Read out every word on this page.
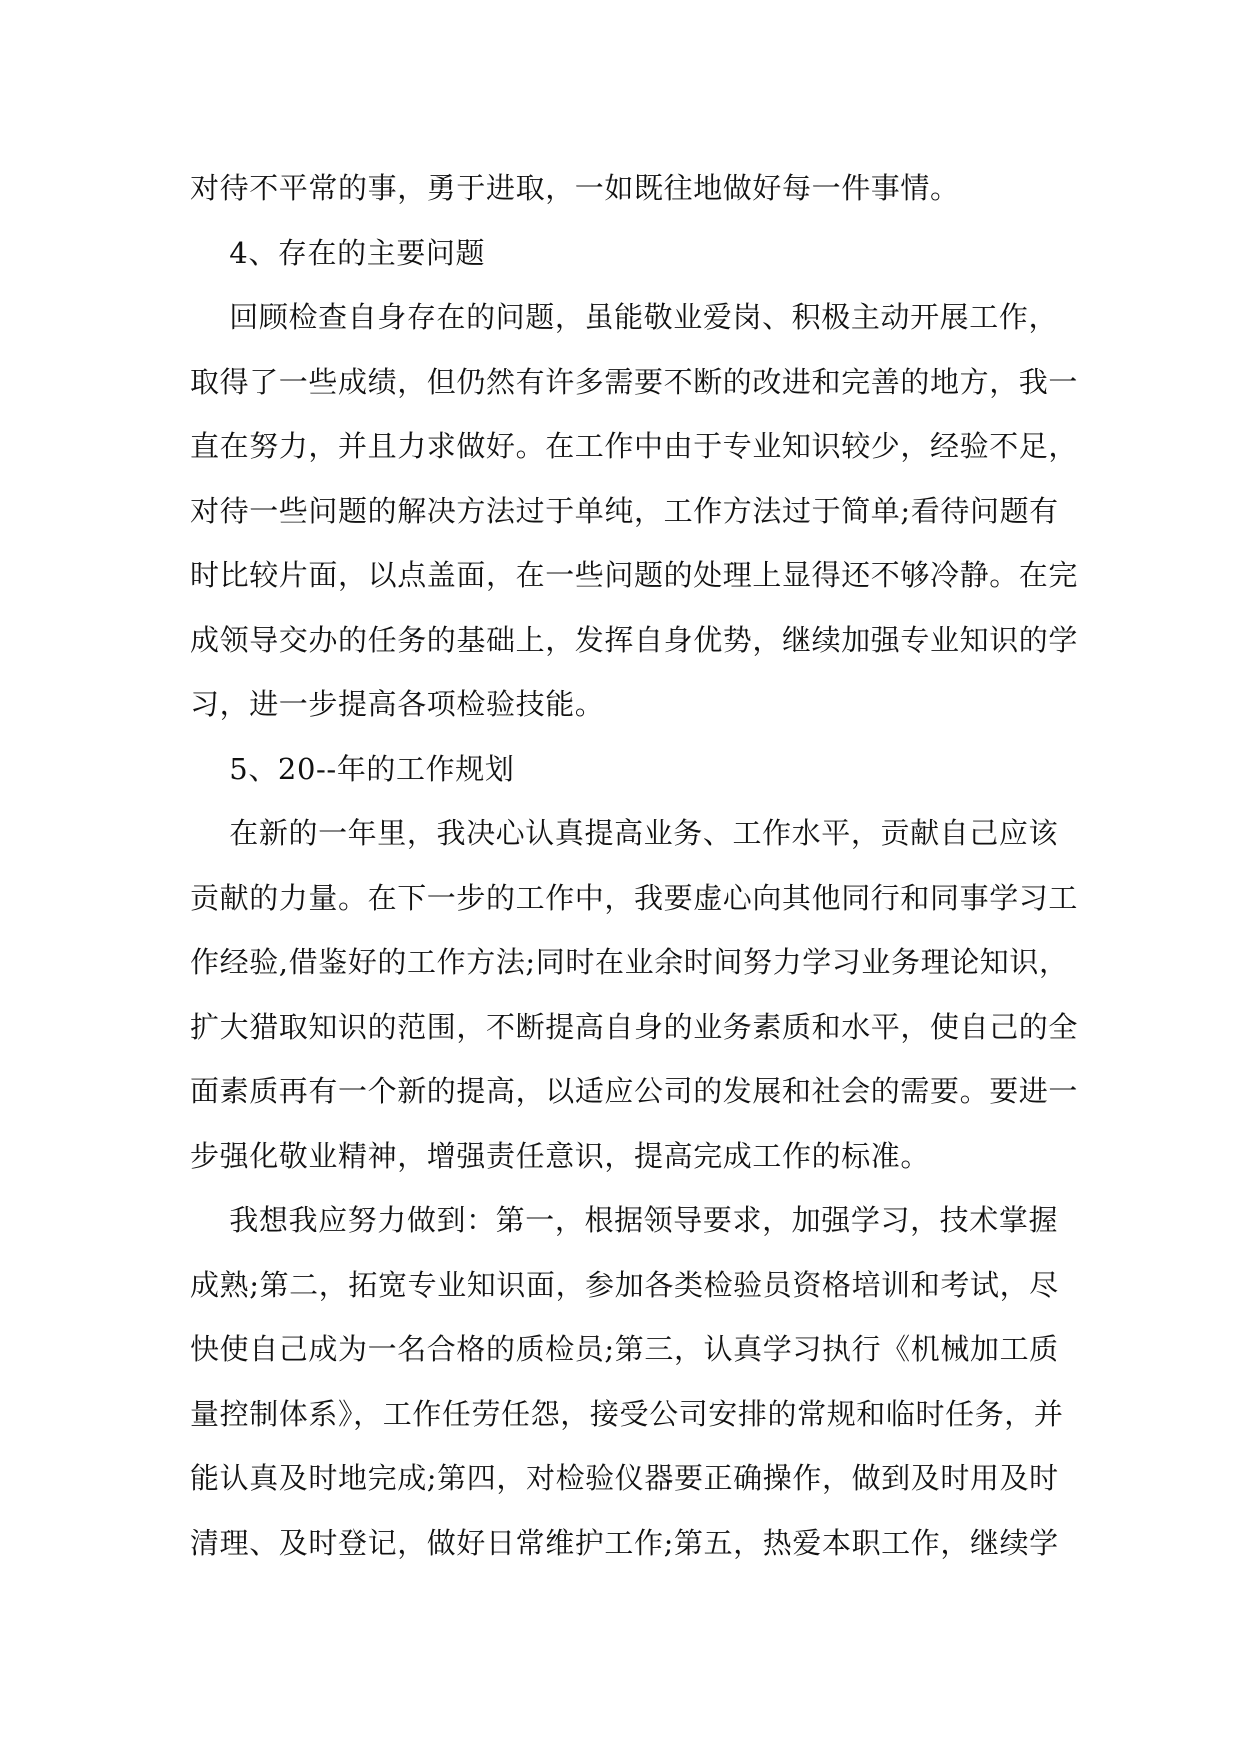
对待不平常的事，勇于进取，一如既往地做好每一件事情。
4、存在的主要问题
回顾检查自身存在的问题，虽能敬业爱岗、积极主动开展工作，
取得了一些成绩，但仍然有许多需要不断的改进和完善的地方，我一
直在努力，并且力求做好。在工作中由于专业知识较少，经验不足，
对待一些问题的解决方法过于单纯，工作方法过于简单;看待问题有
时比较片面，以点盖面，在一些问题的处理上显得还不够冷静。在完
成领导交办的任务的基础上，发挥自身优势，继续加强专业知识的学
习，进一步提高各项检验技能。
5、20--年的工作规划
在新的一年里，我决心认真提高业务、工作水平，贡献自己应该
贡献的力量。在下一步的工作中，我要虚心向其他同行和同事学习工
作经验,借鉴好的工作方法;同时在业余时间努力学习业务理论知识，
扩大猎取知识的范围，不断提高自身的业务素质和水平，使自己的全
面素质再有一个新的提高，以适应公司的发展和社会的需要。要进一
步强化敬业精神，增强责任意识，提高完成工作的标准。
我想我应努力做到：第一，根据领导要求，加强学习，技术掌握
成熟;第二，拓宽专业知识面，参加各类检验员资格培训和考试，尽
快使自己成为一名合格的质检员;第三，认真学习执行《机械加工质
量控制体系》，工作任劳任怨，接受公司安排的常规和临时任务，并
能认真及时地完成;第四，对检验仪器要正确操作，做到及时用及时
清理、及时登记，做好日常维护工作;第五，热爱本职工作，继续学
